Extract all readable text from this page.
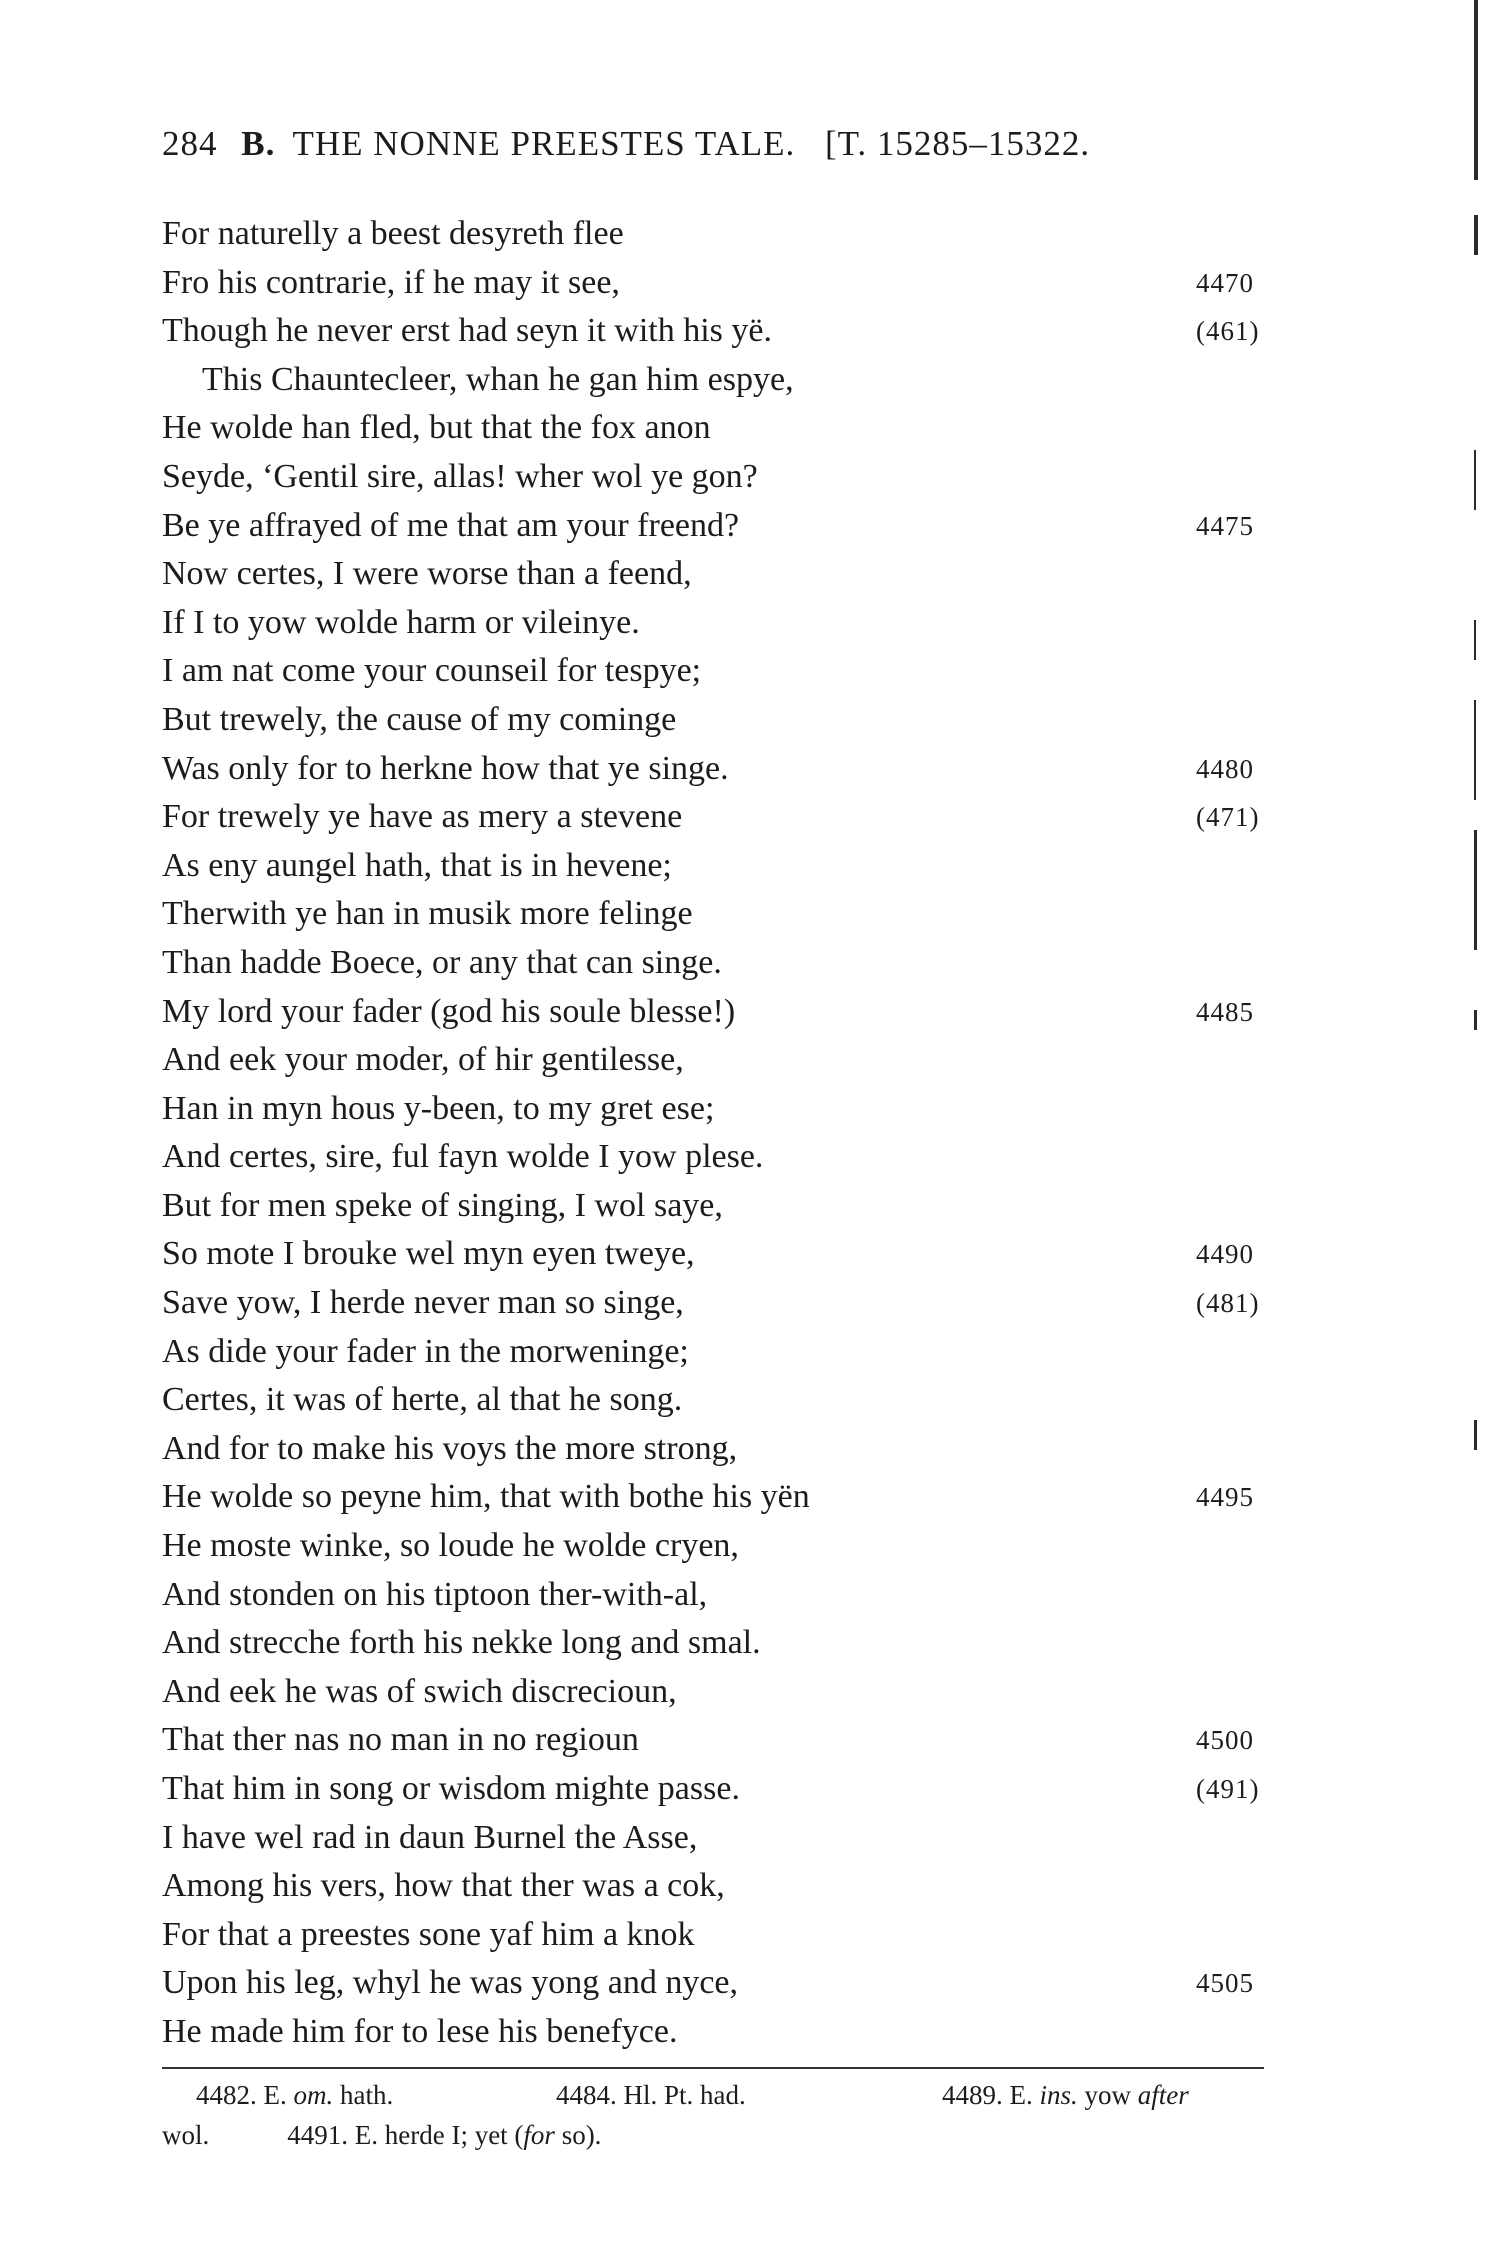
284 B. THE NONNE PREESTES TALE. [T. 15285–15322.
For naturelly a beest desyreth flee
Fro his contrarie, if he may it see,	4470
Though he never erst had seyn it with his yë.	(461)
This Chauntecleer, whan he gan him espye,
He wolde han fled, but that the fox anon
Seyde, ‘Gentil sire, allas! wher wol ye gon?
Be ye affrayed of me that am your freend?	4475
Now certes, I were worse than a feend,
If I to yow wolde harm or vileinye.
I am nat come your counseil for tespye;
But trewely, the cause of my cominge
Was only for to herkne how that ye singe.	4480
For trewely ye have as mery a stevene	(471)
As eny aungel hath, that is in hevene;
Therwith ye han in musik more felinge
Than hadde Boece, or any that can singe.
My lord your fader (god his soule blesse!)	4485
And eek your moder, of hir gentilesse,
Han in myn hous y-been, to my gret ese;
And certes, sire, ful fayn wolde I yow plese.
But for men speke of singing, I wol saye,
So mote I brouke wel myn eyen tweye,	4490
Save yow, I herde never man so singe,	(481)
As dide your fader in the morweninge;
Certes, it was of herte, al that he song.
And for to make his voys the more strong,
He wolde so peyne him, that with bothe his yën	4495
He moste winke, so loude he wolde cryen,
And stonden on his tiptoon ther-with-al,
And strecche forth his nekke long and smal.
And eek he was of swich discrecioun,
That ther nas no man in no regioun	4500
That him in song or wisdom mighte passe.	(491)
I have wel rad in daun Burnel the Asse,
Among his vers, how that ther was a cok,
For that a preestes sone yaf him a knok
Upon his leg, whyl he was yong and nyce,	4505
He made him for to lese his benefyce.
4482. E. om. hath.	4484. Hl. Pt. had.	4489. E. ins. yow after
wol.	4491. E. herde I; yet (for so).
